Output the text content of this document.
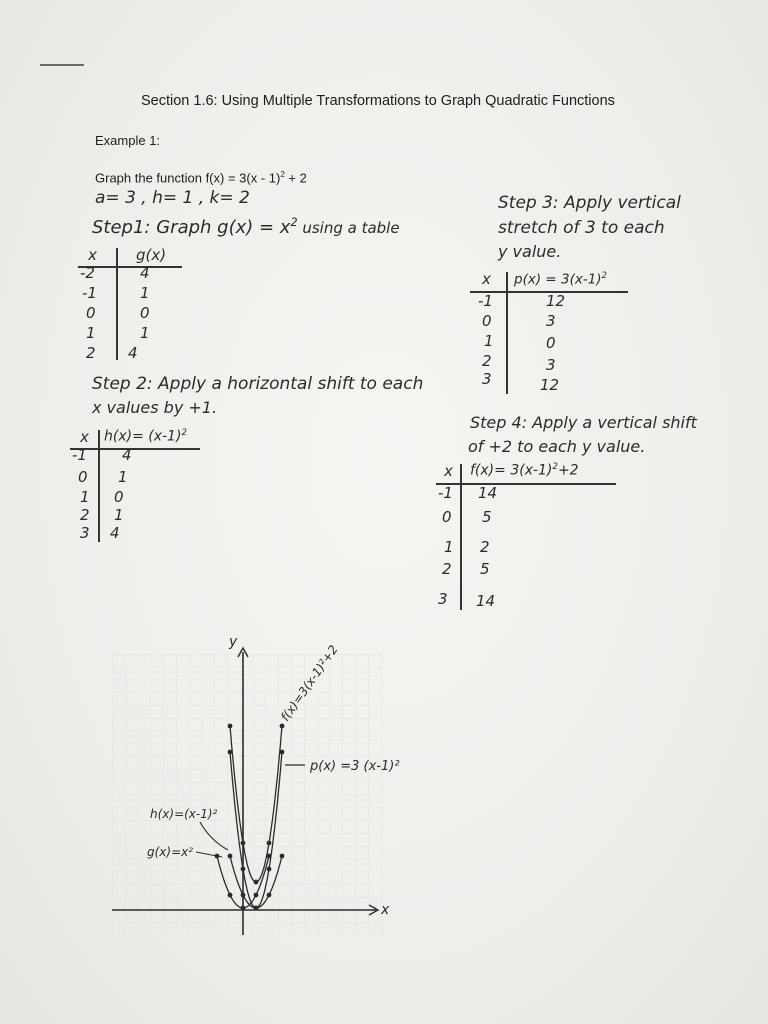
Section 1.6: Using Multiple Transformations to Graph Quadratic Functions
Example 1:
Graph the function f(x) = 3(x - 1)$^2$ + 2
a= 3 , h= 1 , k= 2
Step1: Graph $g(x) = x^2$ using a table
x	g(x)
-2	4
-1	1
0	0
1	1
2 4
Step 2: Apply a horizontal shift to each
x values by +1.
x $h(x)= (x-1)^2$
-1 4
0 1
1 0
2 1
3 4
Step 3: Apply vertical
stretch of 3 to each
y value.
x $p(x) = 3(x-1)^2$
-1	12
0	3
1	0
2	3
3	12
Step 4: Apply a vertical shift
of +2 to each y value.
x $f(x)= 3(x-1)^2+2$
-1 14
0 5
1 2
2 5
3 14
x
y
f(x)=3(x-1)²+2
p(x) =3 (x-1)²
h(x)=(x-1)²
g(x)=x²
